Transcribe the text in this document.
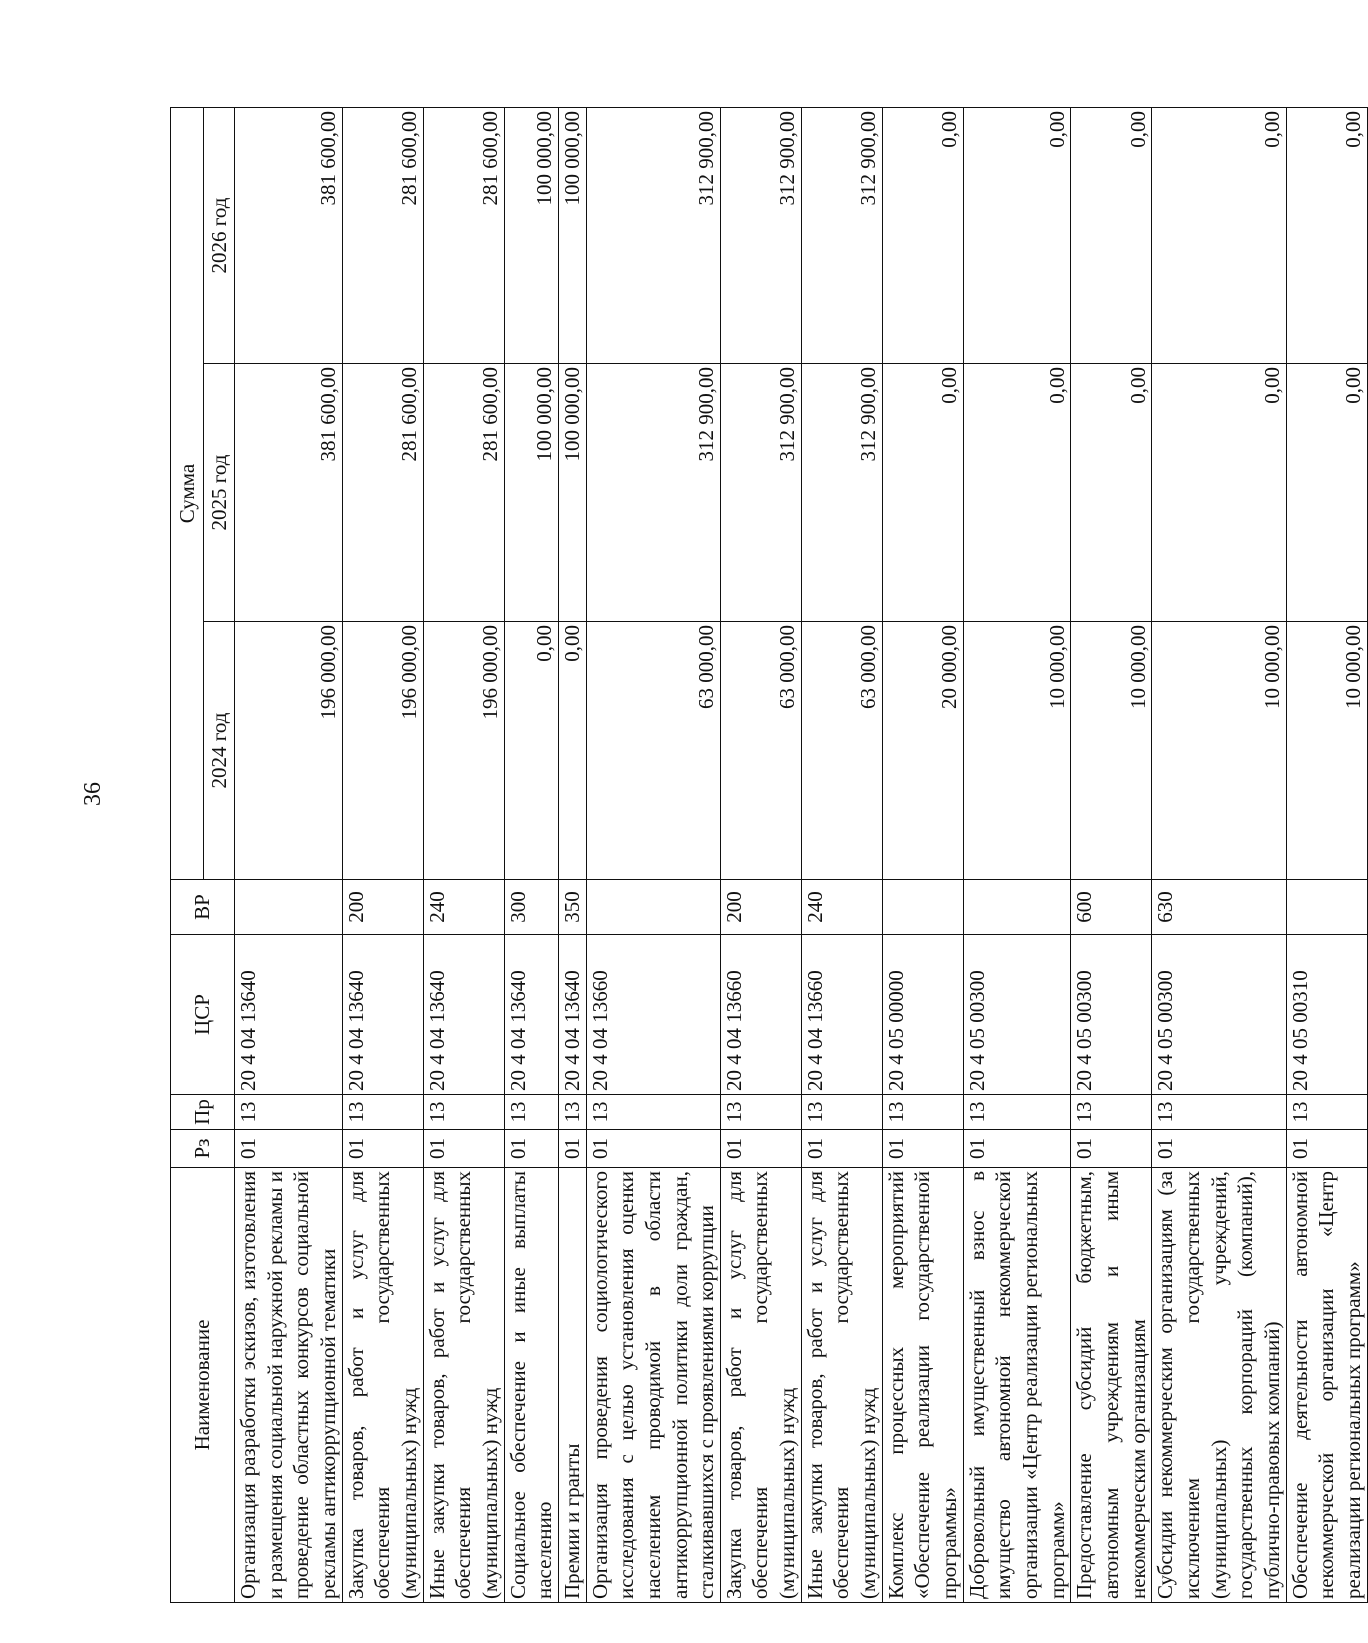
36
Наименование	Рз	Пр	ЦСР	ВР	Сумма		
					2024 год	2025 год	2026 год
Организация разработки эскизов, изготовления и размещения социальной наружной рекламы и проведение областных конкурсов социальной рекламы антикоррупционной тематики	01	13	20 4 04 13640		196 000,00	381 600,00	381 600,00
Закупка товаров, работ и услуг для обеспечения государственных (муниципальных) нужд	01	13	20 4 04 13640	200	196 000,00	281 600,00	281 600,00
Иные закупки товаров, работ и услуг для обеспечения государственных (муниципальных) нужд	01	13	20 4 04 13640	240	196 000,00	281 600,00	281 600,00
Социальное обеспечение и иные выплаты населению	01	13	20 4 04 13640	300	0,00	100 000,00	100 000,00
Премии и гранты	01	13	20 4 04 13640	350	0,00	100 000,00	100 000,00
Организация проведения социологического исследования с целью установления оценки населением проводимой в области антикоррупционной политики доли граждан, сталкивавшихся с проявлениями коррупции	01	13	20 4 04 13660		63 000,00	312 900,00	312 900,00
Закупка товаров, работ и услуг для обеспечения государственных (муниципальных) нужд	01	13	20 4 04 13660	200	63 000,00	312 900,00	312 900,00
Иные закупки товаров, работ и услуг для обеспечения государственных (муниципальных) нужд	01	13	20 4 04 13660	240	63 000,00	312 900,00	312 900,00
Комплекс процессных мероприятий «Обеспечение реализации государственной программы»	01	13	20 4 05 00000		20 000,00	0,00	0,00
Добровольный имущественный взнос в имущество автономной некоммерческой организации «Центр реализации региональных программ»	01	13	20 4 05 00300		10 000,00	0,00	0,00
Предоставление субсидий бюджетным, автономным учреждениям и иным некоммерческим организациям	01	13	20 4 05 00300	600	10 000,00	0,00	0,00
Субсидии некоммерческим организациям (за исключением государственных (муниципальных) учреждений, государственных корпораций (компаний), публично-правовых компаний)	01	13	20 4 05 00300	630	10 000,00	0,00	0,00
Обеспечение деятельности автономной некоммерческой организации «Центр реализации региональных программ»	01	13	20 4 05 00310		10 000,00	0,00	0,00
